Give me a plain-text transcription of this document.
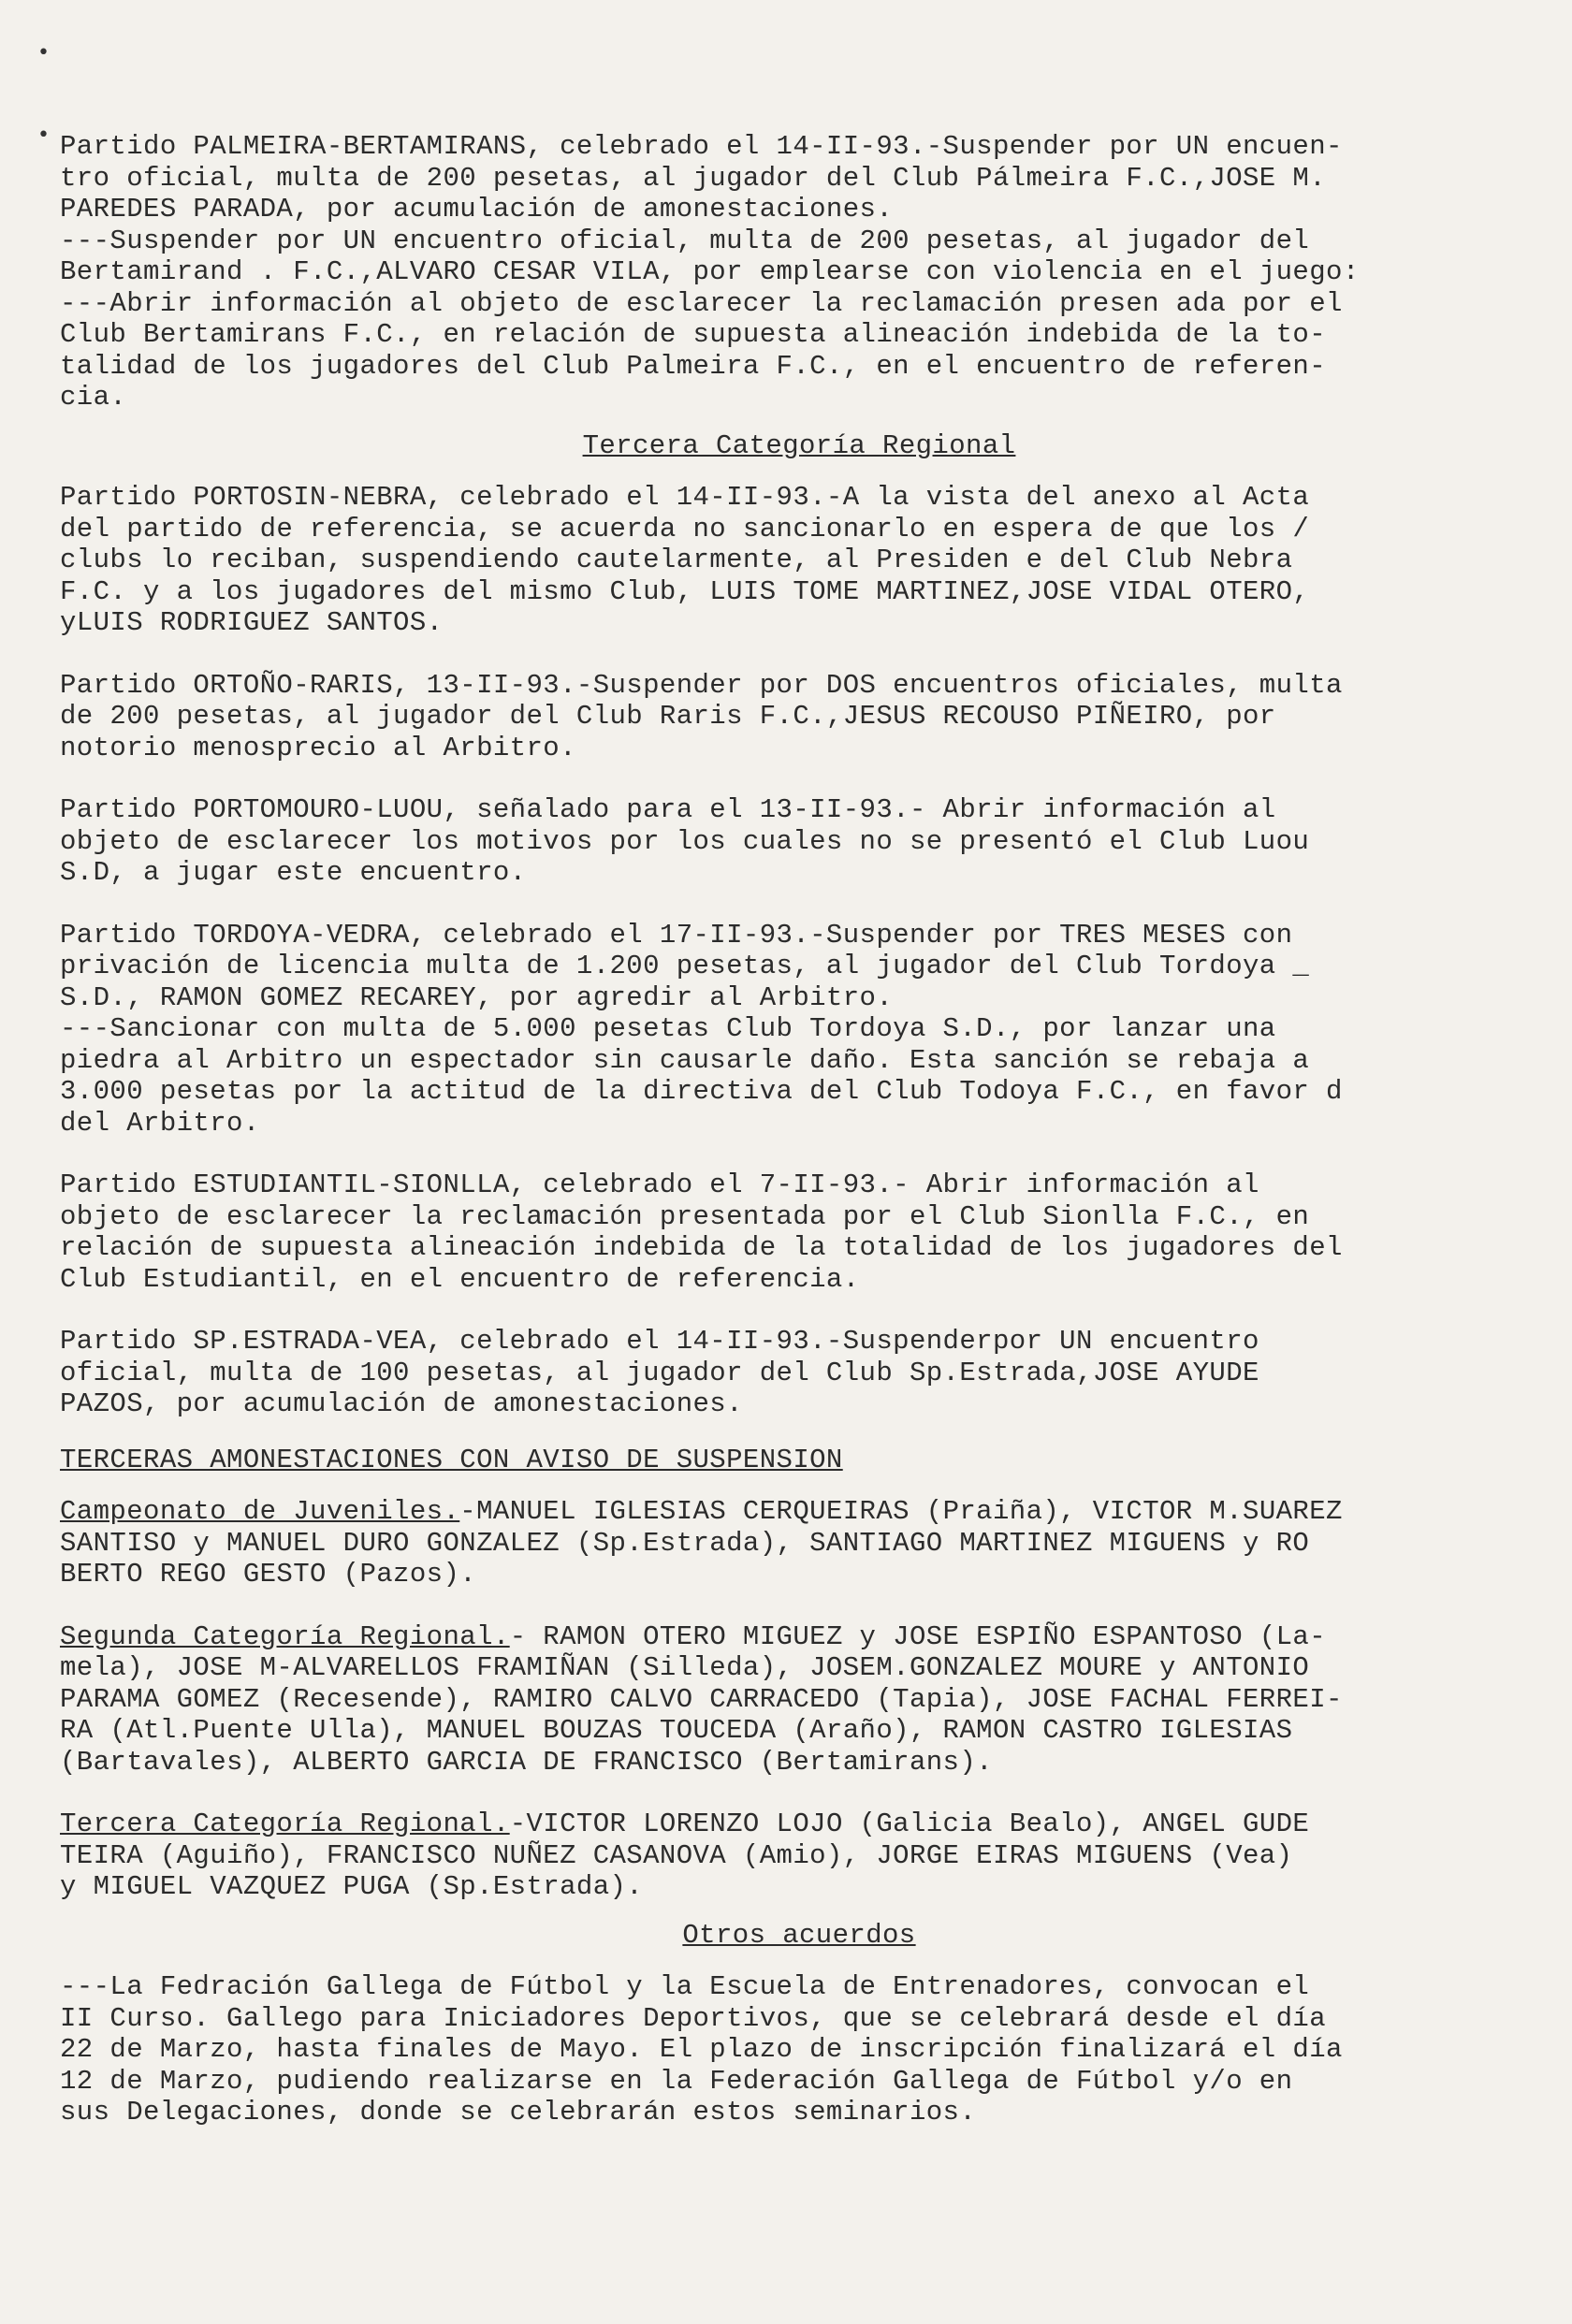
•
• Partido PALMEIRA-BERTAMIRANS, celebrado el 14-II-93.-Suspender por UN encuen-
tro oficial, multa de 200 pesetas, al jugador del Club Pálmeira F.C.,JOSE M.
PAREDES PARADA, por acumulación de amonestaciones.
---Suspender por UN encuentro oficial, multa de 200 pesetas, al jugador del
Bertamirand . F.C.,ALVARO CESAR VILA, por emplearse con violencia en el juego:
---Abrir información al objeto de esclarecer la reclamación presen ada por el
Club Bertamirans F.C., en relación de supuesta alineación indebida de la to-
talidad de los jugadores del Club Palmeira F.C., en el encuentro de referen-
cia.

Tercera Categoría Regional

Partido PORTOSIN-NEBRA, celebrado el 14-II-93.-A la vista del anexo al Acta
del partido de referencia, se acuerda no sancionarlo en espera de que los /
clubs lo reciban, suspendiendo cautelarmente, al Presiden e del Club Nebra
F.C. y a los jugadores del mismo Club, LUIS TOME MARTINEZ,JOSE VIDAL OTERO,
yLUIS RODRIGUEZ SANTOS.

Partido ORTOÑO-RARIS, 13-II-93.-Suspender por DOS encuentros oficiales, multa
de 200 pesetas, al jugador del Club Raris F.C.,JESUS RECOUSO PIÑEIRO, por
notorio menosprecio al Arbitro.

Partido PORTOMOURO-LUOU, señalado para el 13-II-93.- Abrir información al
objeto de esclarecer los motivos por los cuales no se presentó el Club Luou
S.D, a jugar este encuentro.

Partido TORDOYA-VEDRA, celebrado el 17-II-93.-Suspender por TRES MESES con
privación de licencia multa de 1.200 pesetas, al jugador del Club Tordoya _
S.D., RAMON GOMEZ RECAREY, por agredir al Arbitro.
---Sancionar con multa de 5.000 pesetas Club Tordoya S.D., por lanzar una
piedra al Arbitro un espectador sin causarle daño. Esta sanción se rebaja a
3.000 pesetas por la actitud de la directiva del Club Todoya F.C., en favor d
del Arbitro.

Partido ESTUDIANTIL-SIONLLA, celebrado el 7-II-93.- Abrir información al
objeto de esclarecer la reclamación presentada por el Club Sionlla F.C., en
relación de supuesta alineación indebida de la totalidad de los jugadores del
Club Estudiantil, en el encuentro de referencia.

Partido SP.ESTRADA-VEA, celebrado el 14-II-93.-Suspenderpor UN encuentro
oficial, multa de 100 pesetas, al jugador del Club Sp.Estrada,JOSE AYUDE
PAZOS, por acumulación de amonestaciones.

TERCERAS AMONESTACIONES CON AVISO DE SUSPENSION

Campeonato de Juveniles.-MANUEL IGLESIAS CERQUEIRAS (Praiña), VICTOR M.SUAREZ
SANTISO y MANUEL DURO GONZALEZ (Sp.Estrada), SANTIAGO MARTINEZ MIGUENS y RO
BERTO REGO GESTO (Pazos).

Segunda Categoría Regional.- RAMON OTERO MIGUEZ y JOSE ESPIÑO ESPANTOSO (La-
mela), JOSE M-ALVARELLOS FRAMIÑAN (Silleda), JOSEM.GONZALEZ MOURE y ANTONIO
PARAMA GOMEZ (Recesende), RAMIRO CALVO CARRACEDO (Tapia), JOSE FACHAL FERREI-
RA (Atl.Puente Ulla), MANUEL BOUZAS TOUCEDA (Araño), RAMON CASTRO IGLESIAS
(Bartavales), ALBERTO GARCIA DE FRANCISCO (Bertamirans).

Tercera Categoría Regional.-VICTOR LORENZO LOJO (Galicia Bealo), ANGEL GUDE
TEIRA (Aguiño), FRANCISCO NUÑEZ CASANOVA (Amio), JORGE EIRAS MIGUENS (Vea)
y MIGUEL VAZQUEZ PUGA (Sp.Estrada).

Otros acuerdos

---La Fedración Gallega de Fútbol y la Escuela de Entrenadores, convocan el
II Curso. Gallego para Iniciadores Deportivos, que se celebrará desde el día
22 de Marzo, hasta finales de Mayo. El plazo de inscripción finalizará el día
12 de Marzo, pudiendo realizarse en la Federación Gallega de Fútbol y/o en
sus Delegaciones, donde se celebrarán estos seminarios.
